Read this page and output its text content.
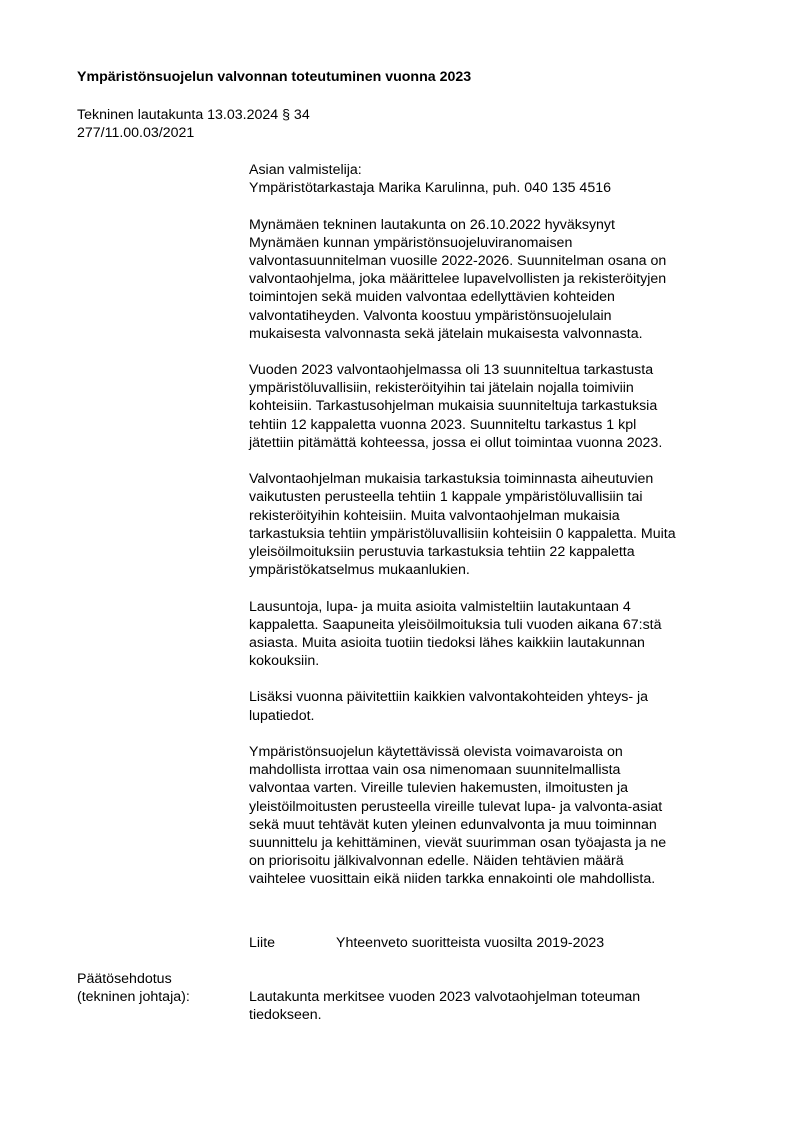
Ympäristönsuojelun valvonnan toteutuminen vuonna 2023
Tekninen lautakunta 13.03.2024 § 34
277/11.00.03/2021
Asian valmistelija:
Ympäristötarkastaja Marika Karulinna, puh. 040 135 4516
Mynämäen tekninen lautakunta on 26.10.2022 hyväksynyt
Mynämäen kunnan ympäristönsuojeluviranomaisen
valvontasuunnitelman vuosille 2022-2026. Suunnitelman osana on
valvontaohjelma, joka määrittelee lupavelvollisten ja rekisteröityjen
toimintojen sekä muiden valvontaa edellyttävien kohteiden
valvontatiheyden. Valvonta koostuu ympäristönsuojelulain
mukaisesta valvonnasta sekä jätelain mukaisesta valvonnasta.
Vuoden 2023 valvontaohjelmassa oli 13 suunniteltua tarkastusta
ympäristöluvallisiin, rekisteröityihin tai jätelain nojalla toimiviin
kohteisiin. Tarkastusohjelman mukaisia suunniteltuja tarkastuksia
tehtiin 12 kappaletta vuonna 2023. Suunniteltu tarkastus 1 kpl
jätettiin pitämättä kohteessa, jossa ei ollut toimintaa vuonna 2023.
Valvontaohjelman mukaisia tarkastuksia toiminnasta aiheutuvien
vaikutusten perusteella tehtiin 1 kappale ympäristöluvallisiin tai
rekisteröityihin kohteisiin. Muita valvontaohjelman mukaisia
tarkastuksia tehtiin ympäristöluvallisiin kohteisiin 0 kappaletta. Muita
yleisöilmoituksiin perustuvia tarkastuksia tehtiin 22 kappaletta
ympäristökatselmus mukaanlukien.
Lausuntoja, lupa- ja muita asioita valmisteltiin lautakuntaan 4
kappaletta. Saapuneita yleisöilmoituksia tuli vuoden aikana 67:stä
asiasta. Muita asioita tuotiin tiedoksi lähes kaikkiin lautakunnan
kokouksiin.
Lisäksi vuonna päivitettiin kaikkien valvontakohteiden yhteys- ja
lupatiedot.
Ympäristönsuojelun käytettävissä olevista voimavaroista on
mahdollista irrottaa vain osa nimenomaan suunnitelmallista
valvontaa varten. Vireille tulevien hakemusten, ilmoitusten ja
yleistöilmoitusten perusteella vireille tulevat lupa- ja valvonta-asiat
sekä muut tehtävät kuten yleinen edunvalvonta ja muu toiminnan
suunnittelu ja kehittäminen, vievät suurimman osan työajasta ja ne
on priorisoitu jälkivalvonnan edelle. Näiden tehtävien määrä
vaihtelee vuosittain eikä niiden tarkka ennakointi ole mahdollista.
Liite	Yhteenveto suoritteista vuosilta 2019-2023
Päätösehdotus
(tekninen johtaja):	Lautakunta merkitsee vuoden 2023 valvotaohjelman toteuman
tiedokseen.
